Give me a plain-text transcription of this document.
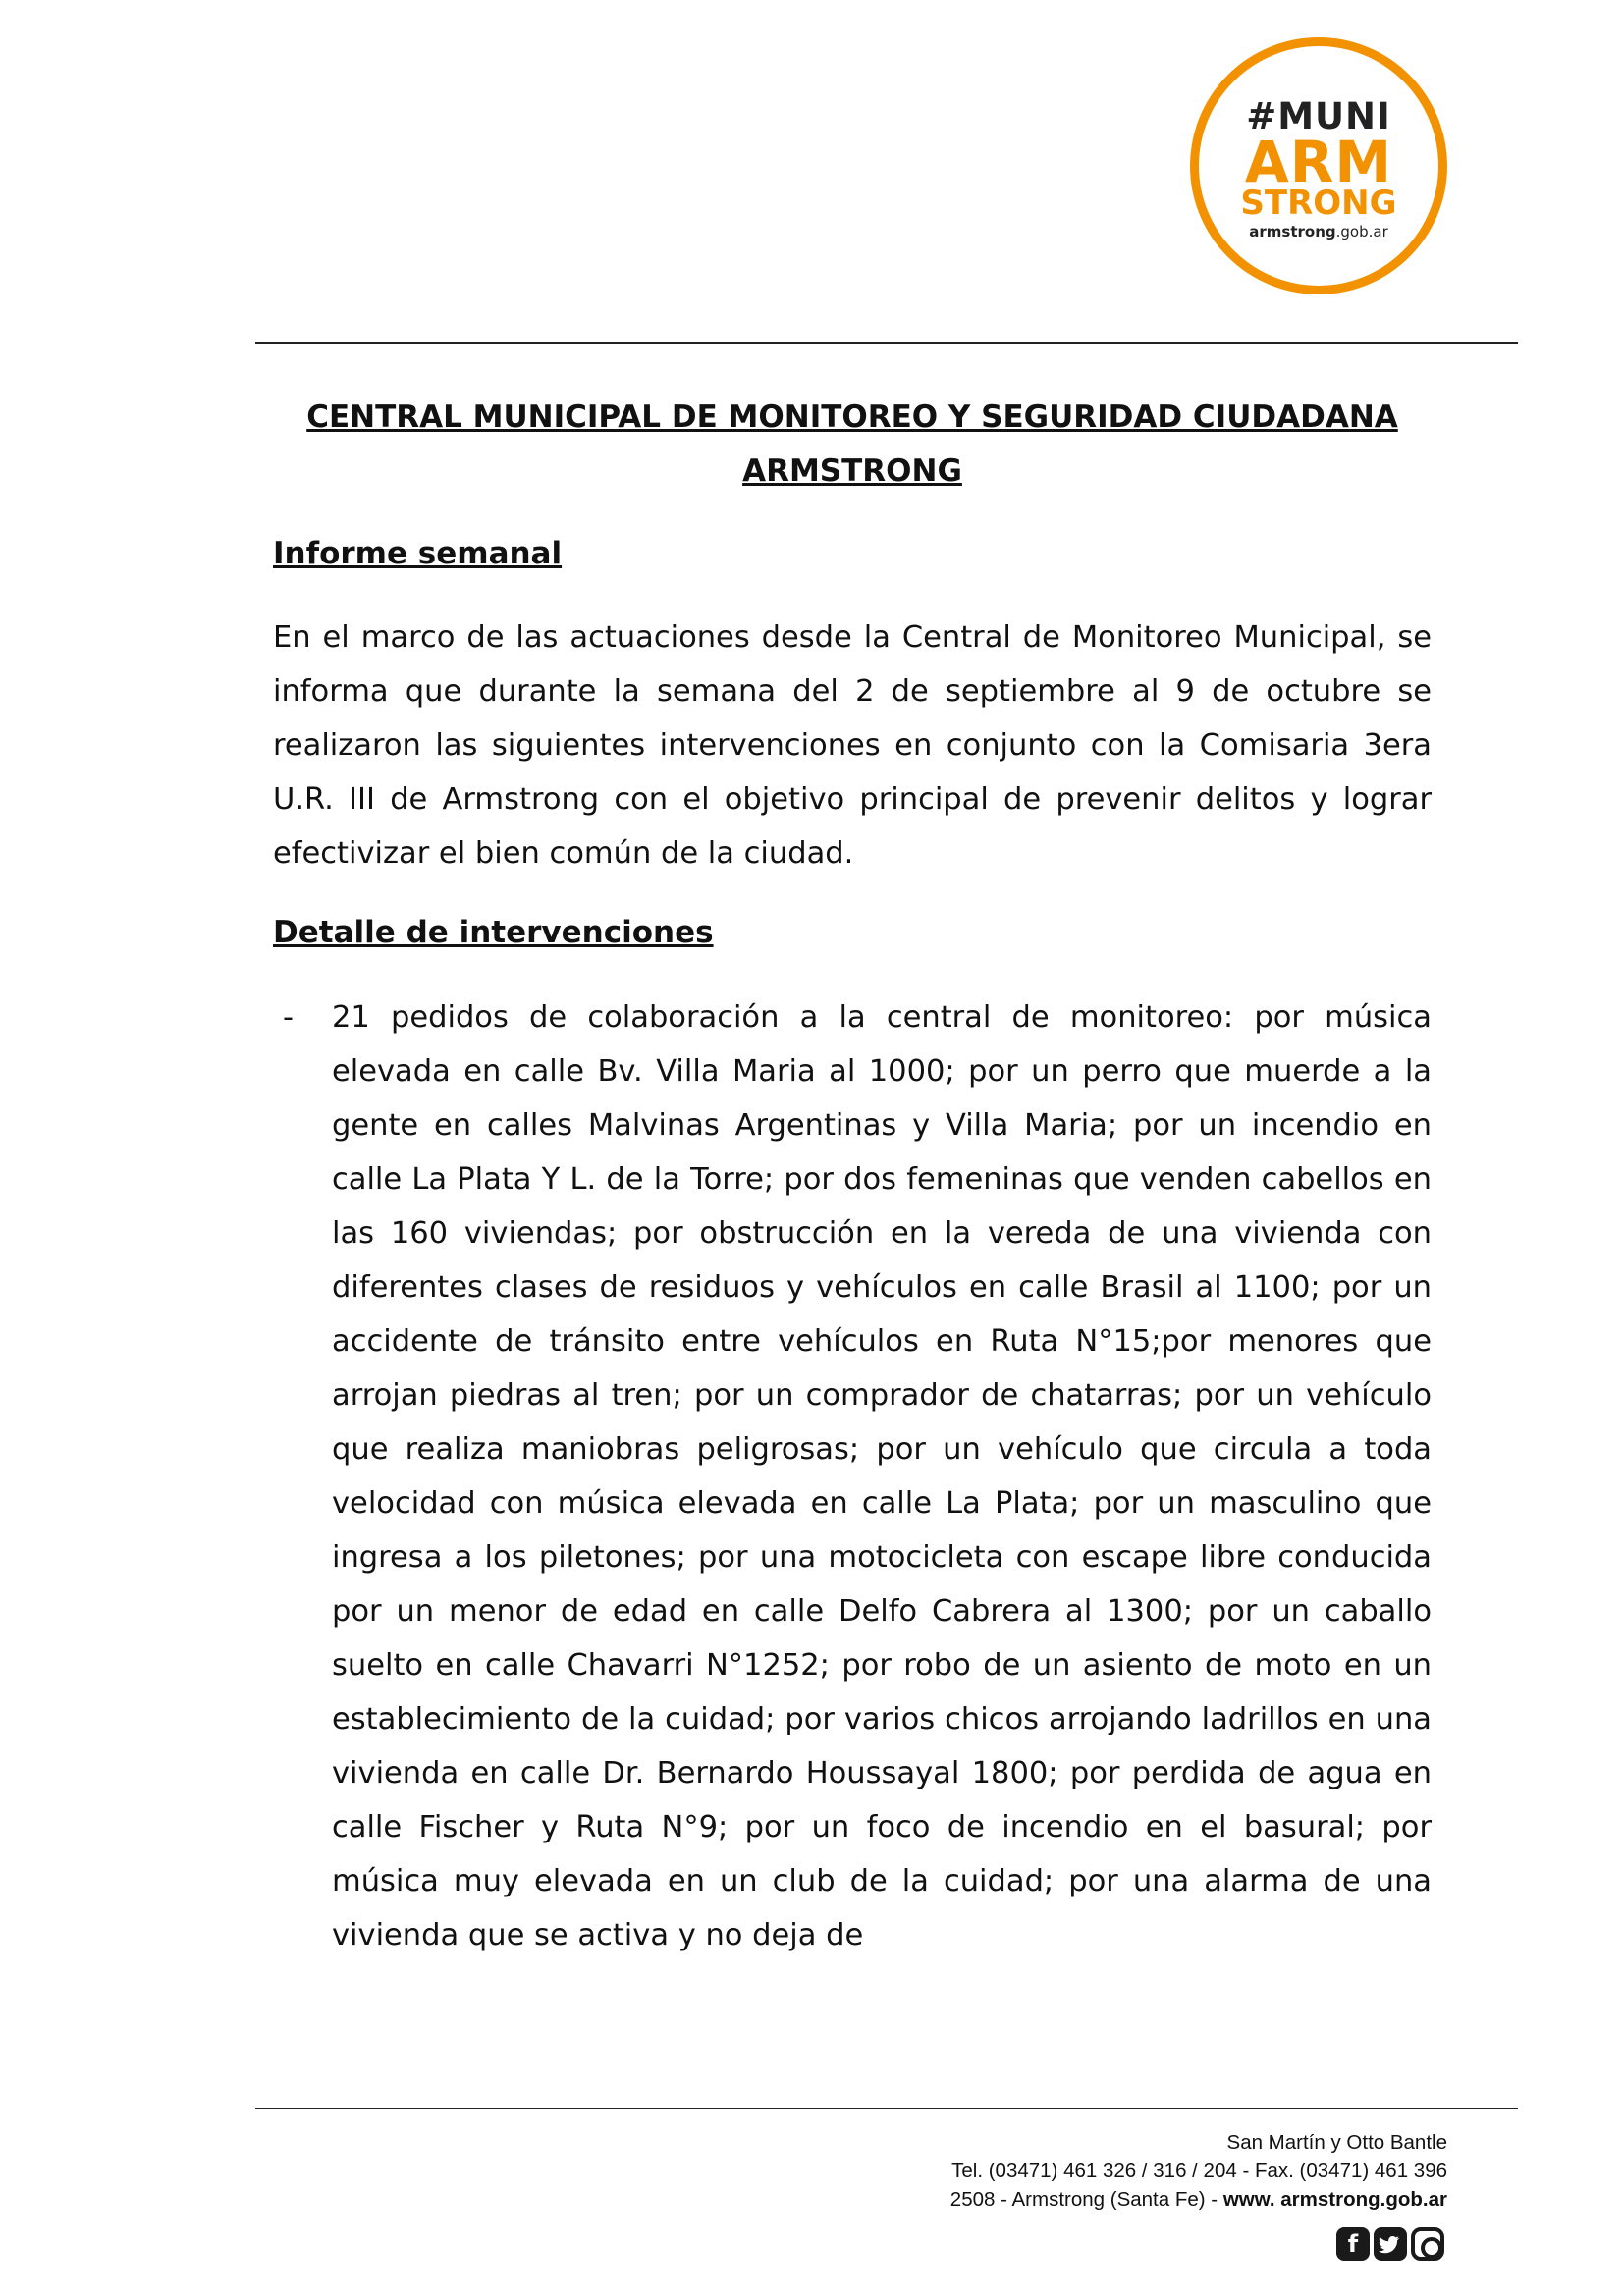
#MUNI
ARM
STRONG
armstrong.gob.ar
CENTRAL MUNICIPAL DE MONITOREO Y SEGURIDAD CIUDADANA
ARMSTRONG
Informe semanal
En el marco de las actuaciones desde la Central de Monitoreo Municipal, se informa que durante la semana del 2 de septiembre al 9 de octubre se realizaron las siguientes intervenciones en conjunto con la Comisaria 3era U.R. III de Armstrong con el objetivo principal de prevenir delitos y lograr efectivizar el bien común de la ciudad.
Detalle de intervenciones
- 21 pedidos de colaboración a la central de monitoreo: por música elevada en calle Bv. Villa Maria al 1000; por un perro que muerde a la gente en calles Malvinas Argentinas y Villa Maria; por un incendio en calle La Plata Y L. de la Torre; por dos femeninas que venden cabellos en las 160 viviendas; por obstrucción en la vereda de una vivienda con diferentes clases de residuos y vehículos en calle Brasil al 1100; por un accidente de tránsito entre vehículos en Ruta N°15;por menores que arrojan piedras al tren; por un comprador de chatarras; por un vehículo que realiza maniobras peligrosas; por un vehículo que circula a toda velocidad con música elevada en calle La Plata; por un masculino que ingresa a los piletones; por una motocicleta con escape libre conducida por un menor de edad en calle Delfo Cabrera al 1300; por un caballo suelto en calle Chavarri N°1252; por robo de un asiento de moto en un establecimiento de la cuidad; por varios chicos arrojando ladrillos en una vivienda en calle Dr. Bernardo Houssayal 1800; por perdida de agua en calle Fischer y Ruta N°9; por un foco de incendio en el basural; por música muy elevada en un club de la cuidad; por una alarma de una vivienda que se activa y no deja de
San Martín y Otto Bantle
Tel. (03471) 461 326 / 316 / 204 - Fax. (03471) 461 396
2508 - Armstrong (Santa Fe) - www. armstrong.gob.ar
f
